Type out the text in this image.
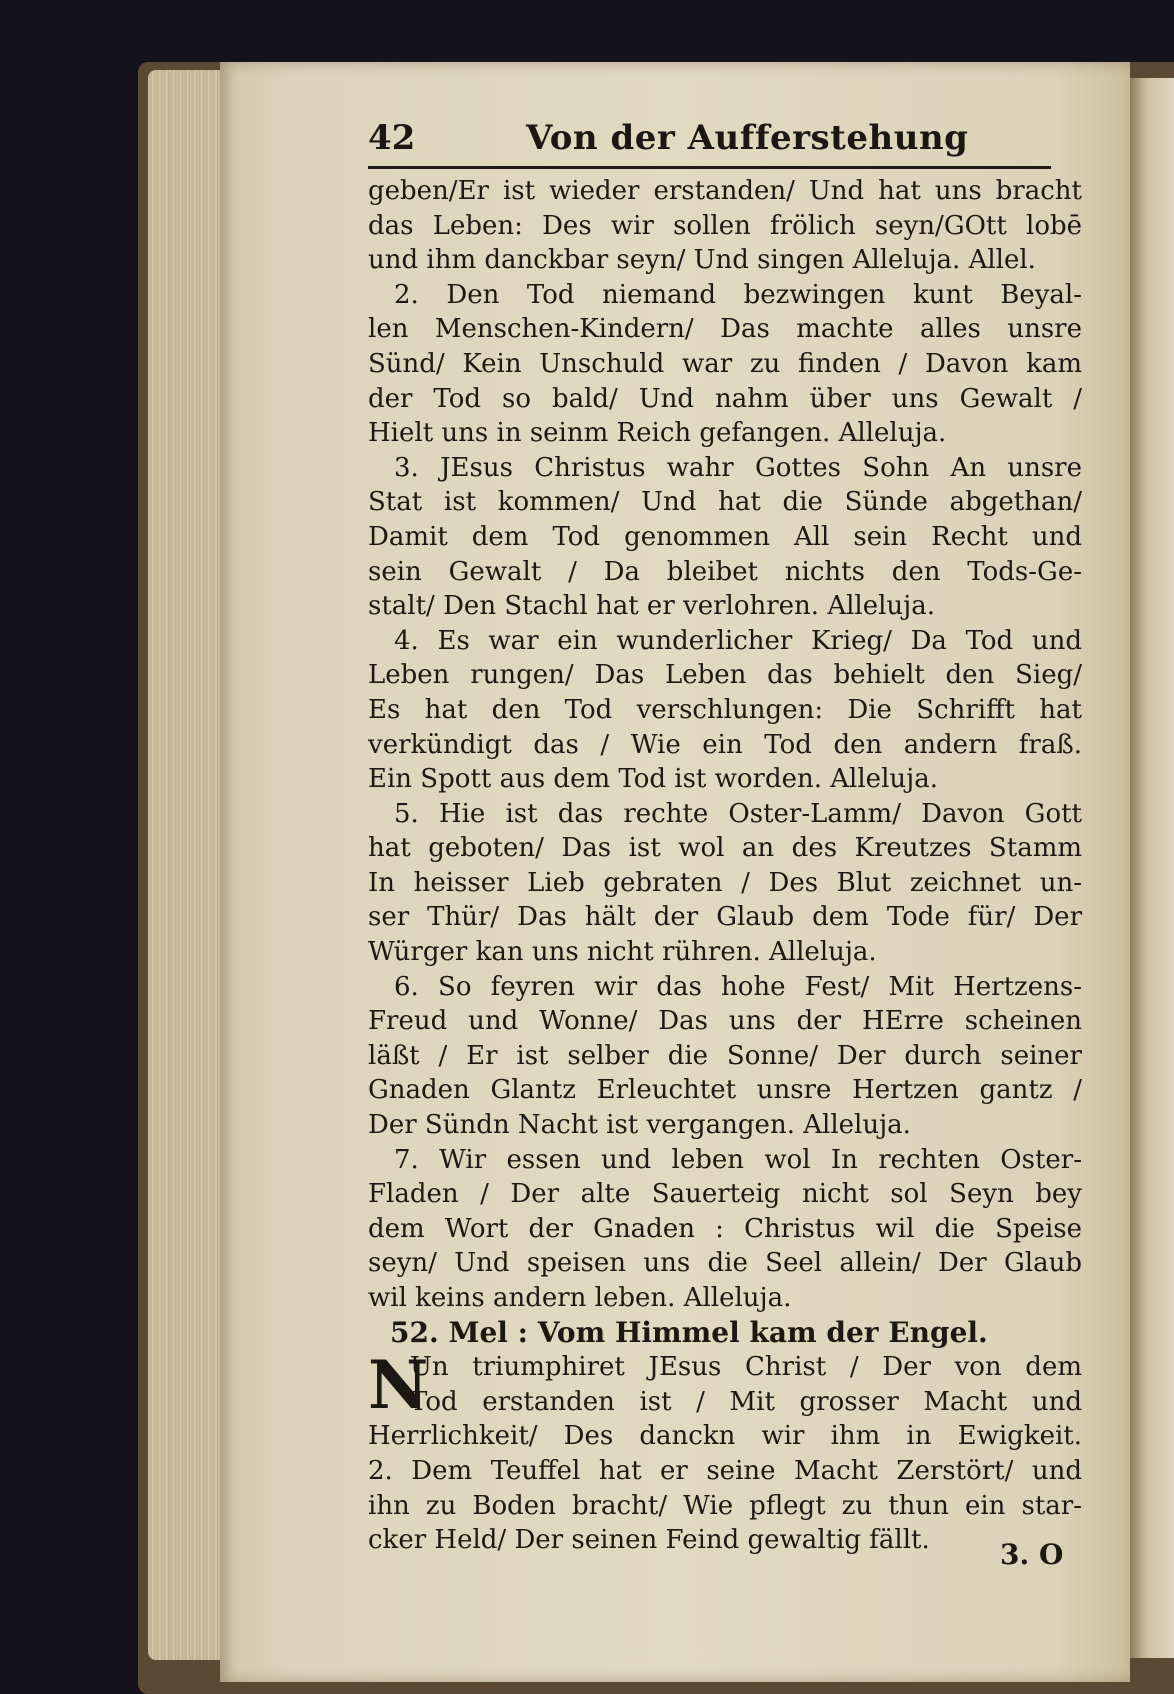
42	Von der Aufferstehung
geben/Er ist wieder erstanden/ Und hat uns bracht
das Leben: Des wir sollen frölich seyn/GOtt lobē
und ihm danckbar seyn/ Und singen Alleluja. Allel.
2. Den Tod niemand bezwingen kunt Beyal-
len Menschen-Kindern/ Das machte alles unsre
Sünd/ Kein Unschuld war zu finden / Davon kam
der Tod so bald/ Und nahm über uns Gewalt /
Hielt uns in seinm Reich gefangen. Alleluja.
3. JEsus Christus wahr Gottes Sohn An unsre
Stat ist kommen/ Und hat die Sünde abgethan/
Damit dem Tod genommen All sein Recht und
sein Gewalt / Da bleibet nichts den Tods-Ge-
stalt/ Den Stachl hat er verlohren. Alleluja.
4. Es war ein wunderlicher Krieg/ Da Tod und
Leben rungen/ Das Leben das behielt den Sieg/
Es hat den Tod verschlungen: Die Schrifft hat
verkündigt das / Wie ein Tod den andern fraß.
Ein Spott aus dem Tod ist worden. Alleluja.
5. Hie ist das rechte Oster-Lamm/ Davon Gott
hat geboten/ Das ist wol an des Kreutzes Stamm
In heisser Lieb gebraten / Des Blut zeichnet un-
ser Thür/ Das hält der Glaub dem Tode für/ Der
Würger kan uns nicht rühren. Alleluja.
6. So feyren wir das hohe Fest/ Mit Hertzens-
Freud und Wonne/ Das uns der HErre scheinen
läßt / Er ist selber die Sonne/ Der durch seiner
Gnaden Glantz Erleuchtet unsre Hertzen gantz /
Der Sündn Nacht ist vergangen. Alleluja.
7. Wir essen und leben wol In rechten Oster-
Fladen / Der alte Sauerteig nicht sol Seyn bey
dem Wort der Gnaden : Christus wil die Speise
seyn/ Und speisen uns die Seel allein/ Der Glaub
wil keins andern leben. Alleluja.
52. Mel : Vom Himmel kam der Engel.
N
Un triumphiret JEsus Christ / Der von dem
Tod erstanden ist / Mit grosser Macht und
Herrlichkeit/ Des danckn wir ihm in Ewigkeit.
2. Dem Teuffel hat er seine Macht Zerstört/ und
ihn zu Boden bracht/ Wie pflegt zu thun ein star-
cker Held/ Der seinen Feind gewaltig fällt.	3. O
